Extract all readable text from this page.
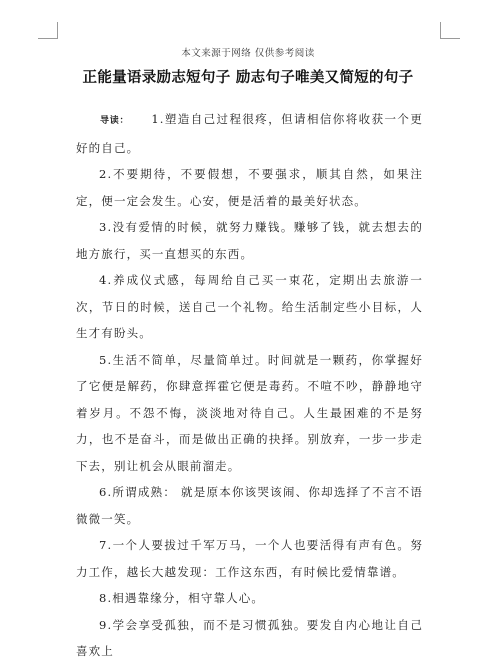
本文来源于网络 仅供参考阅读
正能量语录励志短句子 励志句子唯美又简短的句子

导读： 1.塑造自己过程很疼，但请相信你将收获一个更好的自己。

2.不要期待，不要假想，不要强求，顺其自然，如果注定，便一定会发生。心安，便是活着的最美好状态。

3.没有爱情的时候，就努力赚钱。赚够了钱，就去想去的地方旅行，买一直想买的东西。

4.养成仪式感，每周给自己买一束花，定期出去旅游一次，节日的时候，送自己一个礼物。给生活制定些小目标，人生才有盼头。

5.生活不简单，尽量简单过。时间就是一颗药，你掌握好了它便是解药，你肆意挥霍它便是毒药。不喧不吵，静静地守着岁月。不怨不悔，淡淡地对待自己。人生最困难的不是努力，也不是奋斗，而是做出正确的抉择。别放弃，一步一步走下去，别让机会从眼前溜走。

6.所谓成熟： 就是原本你该哭该闹、你却选择了不言不语微微一笑。

7.一个人要拔过千军万马，一个人也要活得有声有色。努力工作，越长大越发现：工作这东西，有时候比爱情靠谱。

8.相遇靠缘分，相守靠人心。

9.学会享受孤独，而不是习惯孤独。要发自内心地让自己喜欢上
